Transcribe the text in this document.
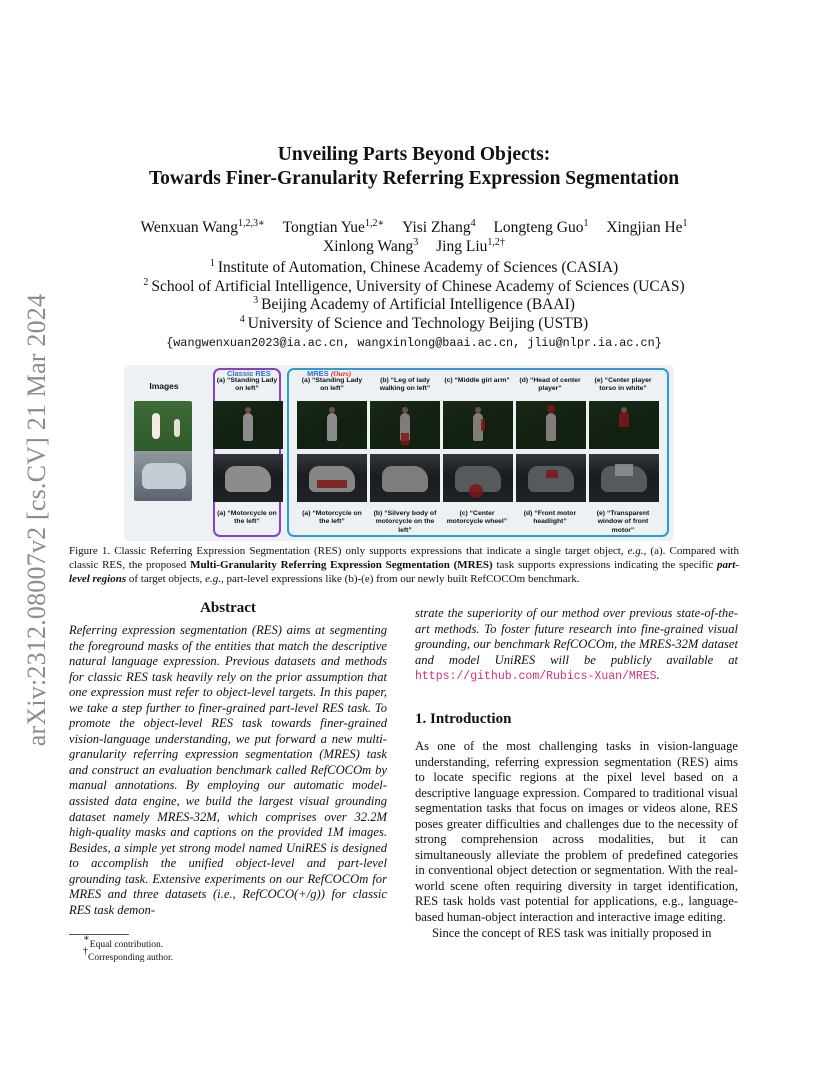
arXiv:2312.08007v2 [cs.CV] 21 Mar 2024
Unveiling Parts Beyond Objects:
Towards Finer-Granularity Referring Expression Segmentation
Wenxuan Wang$^{1,2,3∗}$ Tongtian Yue$^{1,2∗}$ Yisi Zhang$^4$ Longteng Guo$^1$ Xingjian He$^1$
Xinlong Wang$^3$ Jing Liu$^{1,2\dagger}$
$^1$ Institute of Automation, Chinese Academy of Sciences (CASIA)
$^2$ School of Artificial Intelligence, University of Chinese Academy of Sciences (UCAS)
$^3$ Beijing Academy of Artificial Intelligence (BAAI)
$^4$ University of Science and Technology Beijing (USTB)
{wangwenxuan2023@ia.ac.cn, wangxinlong@baai.ac.cn, jliu@nlpr.ia.ac.cn}
Images
Classic RES	MRES (Ours)
(a) “Standing Lady on left”
(a) “Standing Lady on left”
(b) “Leg of lady walking on left”
(c) “Middle girl arm”	(d) “Head of center player”
(e) “Center player torso in white”
(a) “Motorcycle on the left”
(a) “Motorcycle on the left”
(b) “Silvery body of motorcycle on the left”
(c) “Center motorcycle wheel”
(d) “Front motor headlight”
(e) “Transparent window of front motor”
Figure 1. Classic Referring Expression Segmentation (RES) only supports expressions that indicate a single target object, e.g., (a). Compared with classic RES, the proposed Multi-Granularity Referring Expression Segmentation (MRES) task supports expressions indicating the specific part-level regions of target objects, e.g., part-level expressions like (b)-(e) from our newly built RefCOCOm benchmark.
Abstract
Referring expression segmentation (RES) aims at segmenting the foreground masks of the entities that match the descriptive natural language expression. Previous datasets and methods for classic RES task heavily rely on the prior assumption that one expression must refer to object-level targets. In this paper, we take a step further to finer-grained part-level RES task. To promote the object-level RES task towards finer-grained vision-language understanding, we put forward a new multi-granularity referring expression segmentation (MRES) task and construct an evaluation benchmark called RefCOCOm by manual annotations. By employing our automatic model-assisted data engine, we build the largest visual grounding dataset namely MRES-32M, which comprises over 32.2M high-quality masks and captions on the provided 1M images. Besides, a simple yet strong model named UniRES is designed to accomplish the unified object-level and part-level grounding task. Extensive experiments on our RefCOCOm for MRES and three datasets (i.e., RefCOCO(+/g)) for classic RES task demon-
strate the superiority of our method over previous state-of-the-art methods. To foster future research into fine-grained visual grounding, our benchmark RefCOCOm, the MRES-32M dataset and model UniRES will be publicly available at https://github.com/Rubics-Xuan/MRES.
1. Introduction

As one of the most challenging tasks in vision-language understanding, referring expression segmentation (RES) aims to locate specific regions at the pixel level based on a descriptive language expression. Compared to traditional visual segmentation tasks that focus on images or videos alone, RES poses greater difficulties and challenges due to the necessity of strong comprehension across modalities, but it can simultaneously alleviate the problem of predefined categories in conventional object detection or segmentation. With the real-world scene often requiring diversity in target identification, RES task holds vast potential for applications, e.g., language-based human-object interaction and interactive image editing.

Since the concept of RES task was initially proposed in

∗Equal contribution.
†Corresponding author.
